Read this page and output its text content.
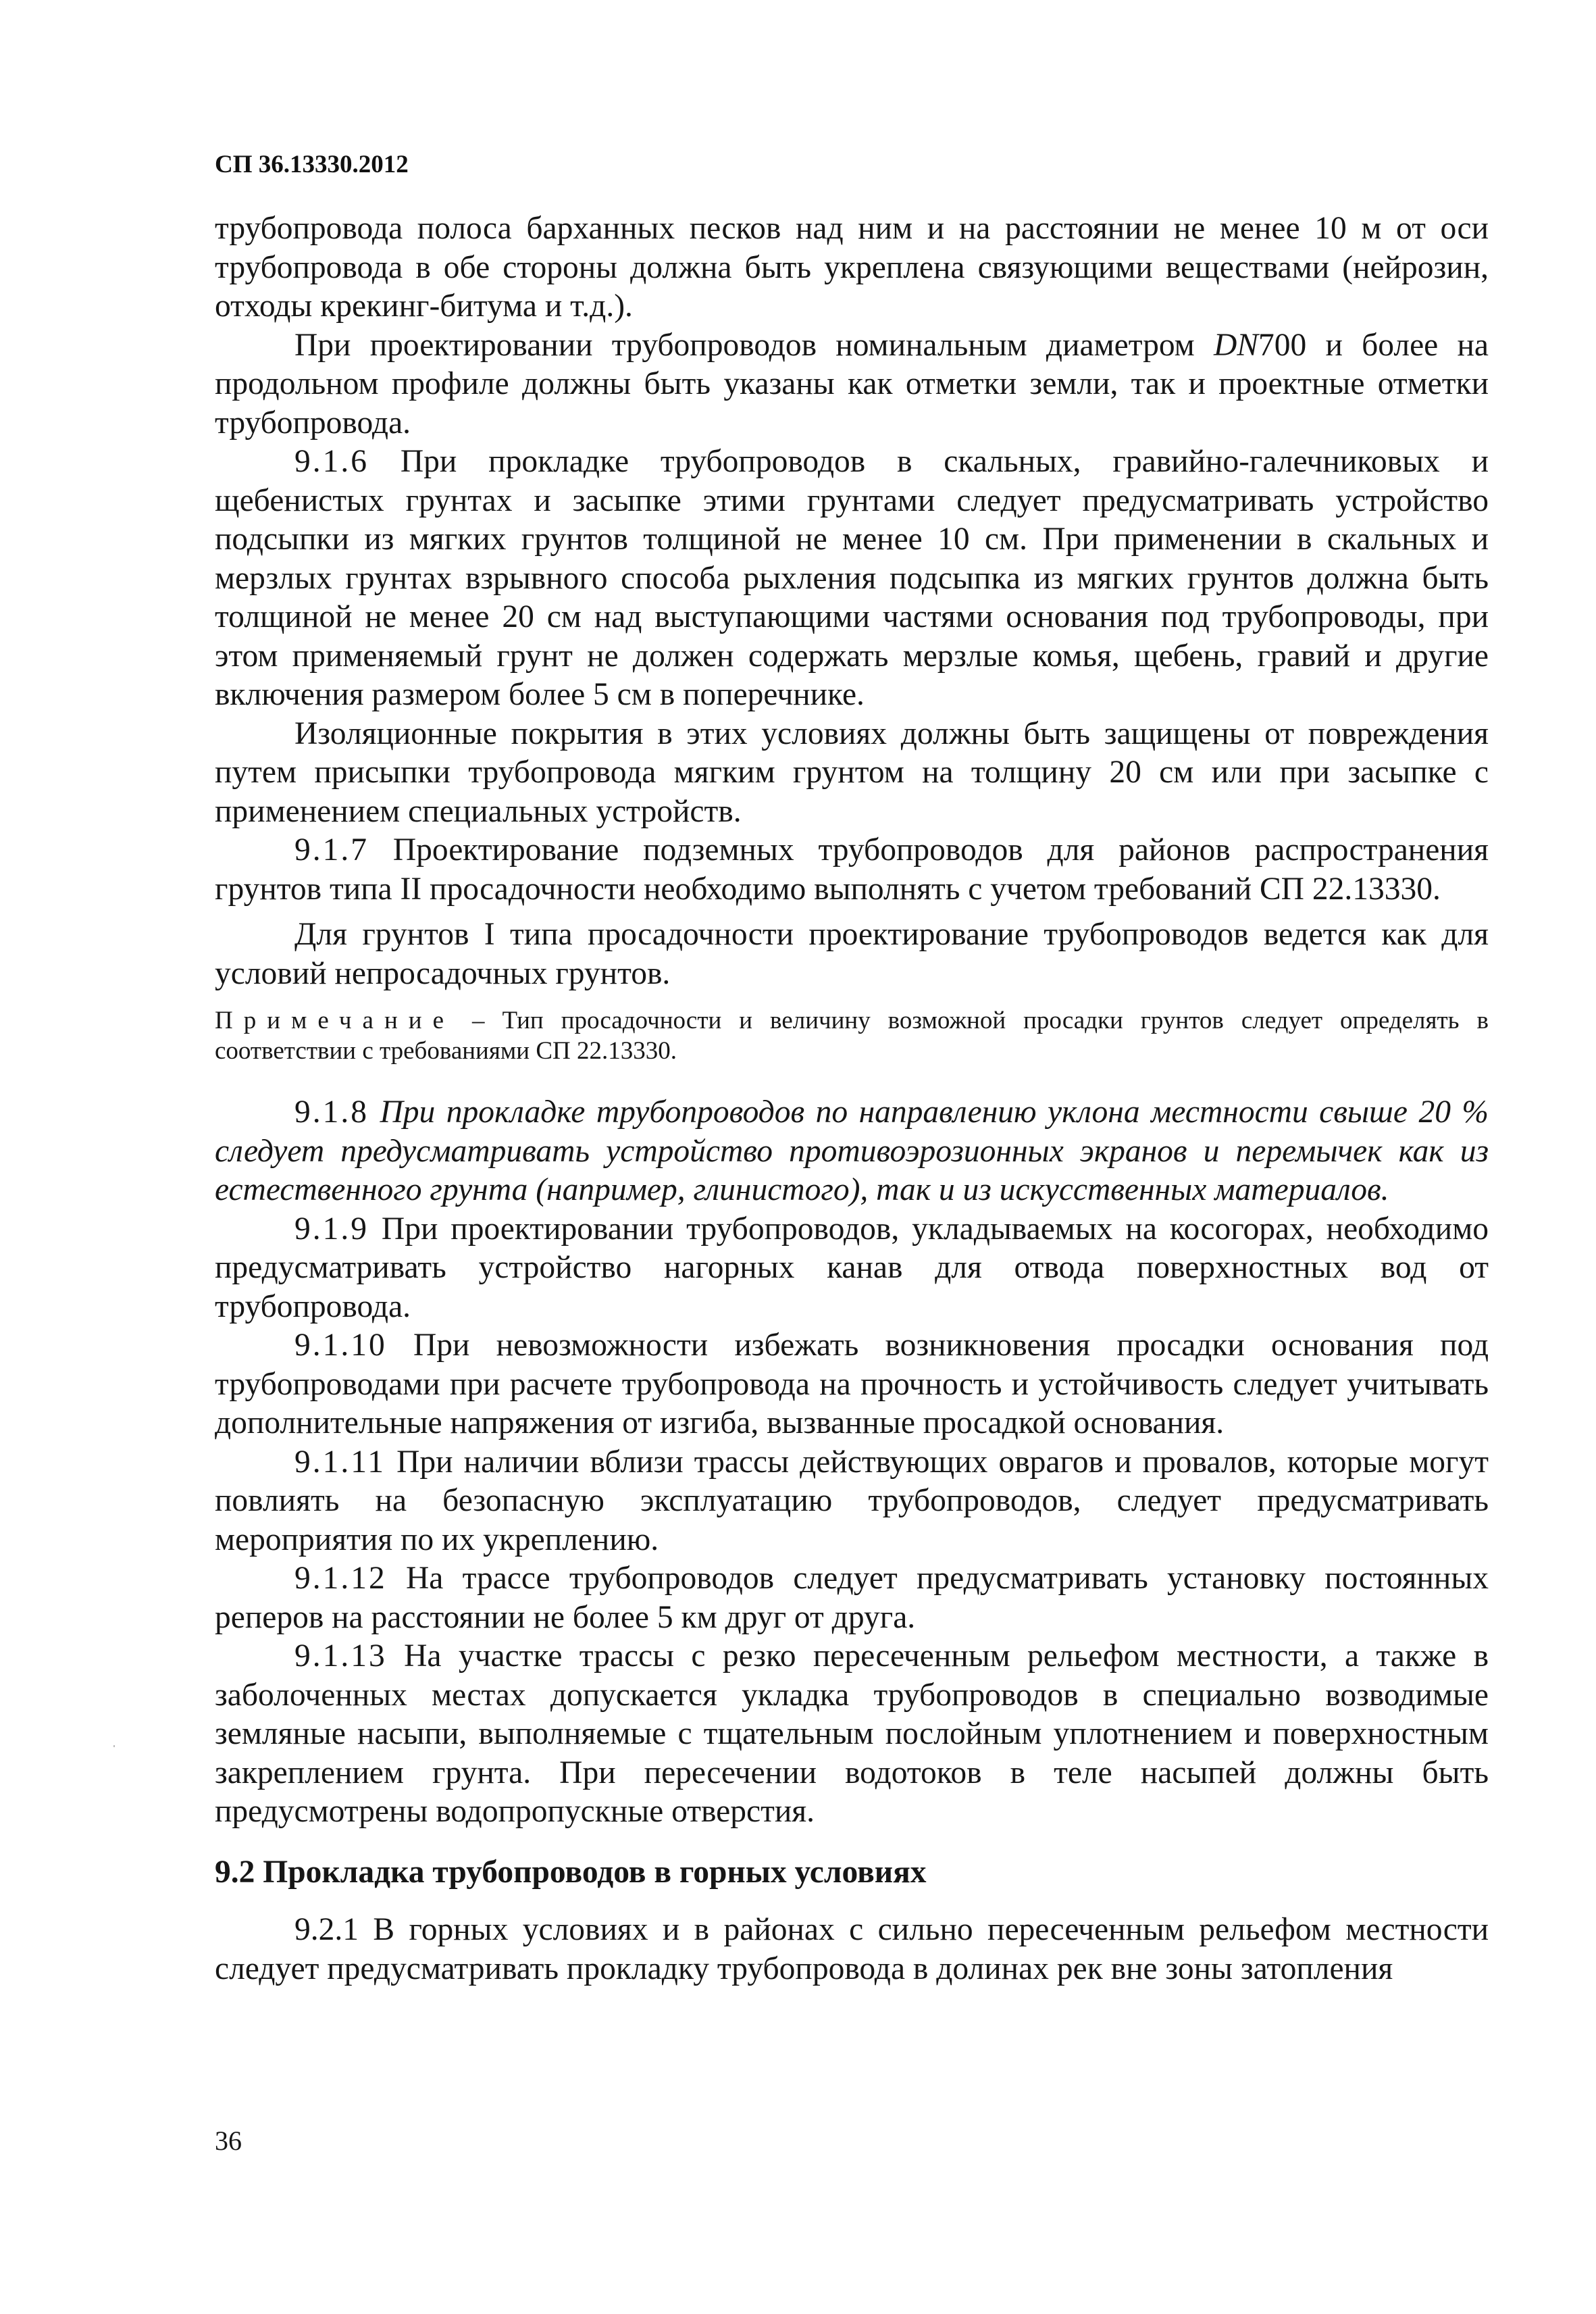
СП 36.13330.2012

трубопровода полоса барханных песков над ним и на расстоянии не менее 10 м от оси трубопровода в обе стороны должна быть укреплена связующими веществами (нейрозин, отходы крекинг-битума и т.д.).

При проектировании трубопроводов номинальным диаметром DN700 и более на продольном профиле должны быть указаны как отметки земли, так и проектные отметки трубопровода.

9.1.6 При прокладке трубопроводов в скальных, гравийно-галечниковых и щебенистых грунтах и засыпке этими грунтами следует предусматривать устройство подсыпки из мягких грунтов толщиной не менее 10 см. При применении в скальных и мерзлых грунтах взрывного способа рыхления подсыпка из мягких грунтов должна быть толщиной не менее 20 см над выступающими частями основания под трубопроводы, при этом применяемый грунт не должен содержать мерзлые комья, щебень, гравий и другие включения размером более 5 см в поперечнике.

Изоляционные покрытия в этих условиях должны быть защищены от повреждения путем присыпки трубопровода мягким грунтом на толщину 20 см или при засыпке с применением специальных устройств.

9.1.7 Проектирование подземных трубопроводов для районов распространения грунтов типа II просадочности необходимо выполнять с учетом требований СП 22.13330.

Для грунтов I типа просадочности проектирование трубопроводов ведется как для условий непросадочных грунтов.

Примечание – Тип просадочности и величину возможной просадки грунтов следует определять в соответствии с требованиями СП 22.13330.

9.1.8 При прокладке трубопроводов по направлению уклона местности свыше 20 % следует предусматривать устройство противоэрозионных экранов и перемычек как из естественного грунта (например, глинистого), так и из искусственных материалов.

9.1.9 При проектировании трубопроводов, укладываемых на косогорах, необходимо предусматривать устройство нагорных канав для отвода поверхностных вод от трубопровода.

9.1.10 При невозможности избежать возникновения просадки основания под трубопроводами при расчете трубопровода на прочность и устойчивость следует учитывать дополнительные напряжения от изгиба, вызванные просадкой основания.

9.1.11 При наличии вблизи трассы действующих оврагов и провалов, которые могут повлиять на безопасную эксплуатацию трубопроводов, следует предусматривать мероприятия по их укреплению.

9.1.12 На трассе трубопроводов следует предусматривать установку постоянных реперов на расстоянии не более 5 км друг от друга.

9.1.13 На участке трассы с резко пересеченным рельефом местности, а также в заболоченных местах допускается укладка трубопроводов в специально возводимые земляные насыпи, выполняемые с тщательным послойным уплотнением и поверхностным закреплением грунта. При пересечении водотоков в теле насыпей должны быть предусмотрены водопропускные отверстия.

9.2 Прокладка трубопроводов в горных условиях

9.2.1 В горных условиях и в районах с сильно пересеченным рельефом местности следует предусматривать прокладку трубопровода в долинах рек вне зоны затопления

36
